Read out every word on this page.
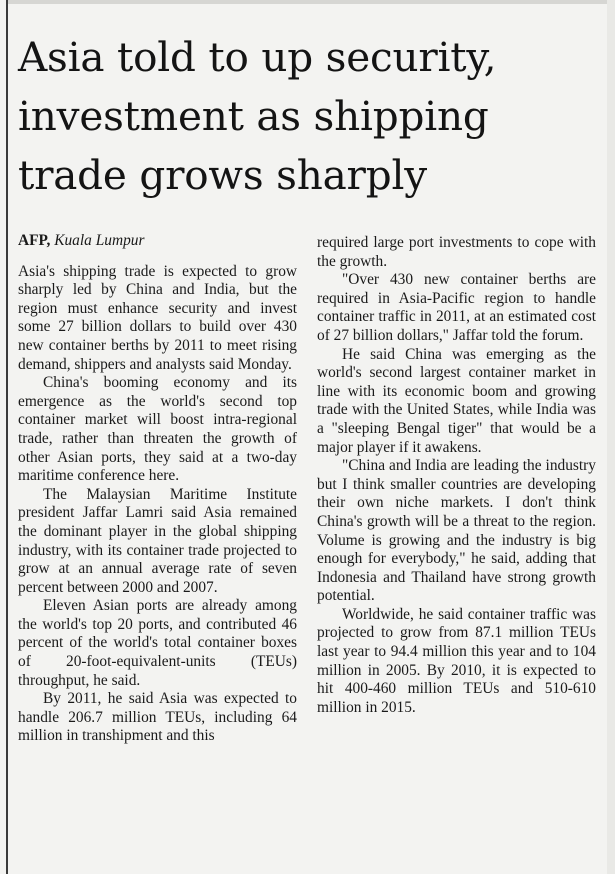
Asia told to up security, investment as shipping trade grows sharply
AFP, Kuala Lumpur

Asia's shipping trade is expected to grow sharply led by China and India, but the region must enhance security and invest some 27 billion dollars to build over 430 new container berths by 2011 to meet rising demand, shippers and analysts said Monday.

China's booming economy and its emergence as the world's second top container market will boost intra-regional trade, rather than threaten the growth of other Asian ports, they said at a two-day maritime conference here.

The Malaysian Maritime Institute president Jaffar Lamri said Asia remained the dominant player in the global shipping industry, with its container trade projected to grow at an annual average rate of seven percent between 2000 and 2007.

Eleven Asian ports are already among the world's top 20 ports, and contributed 46 percent of the world's total container boxes of 20-foot-equivalent-units (TEUs) throughput, he said.

By 2011, he said Asia was expected to handle 206.7 million TEUs, including 64 million in transhipment and this

required large port investments to cope with the growth.

"Over 430 new container berths are required in Asia-Pacific region to handle container traffic in 2011, at an estimated cost of 27 billion dollars," Jaffar told the forum.

He said China was emerging as the world's second largest container market in line with its economic boom and growing trade with the United States, while India was a "sleeping Bengal tiger" that would be a major player if it awakens.

"China and India are leading the industry but I think smaller countries are developing their own niche markets. I don't think China's growth will be a threat to the region. Volume is growing and the industry is big enough for everybody," he said, adding that Indonesia and Thailand have strong growth potential.

Worldwide, he said container traffic was projected to grow from 87.1 million TEUs last year to 94.4 million this year and to 104 million in 2005. By 2010, it is expected to hit 400-460 million TEUs and 510-610 million in 2015.
